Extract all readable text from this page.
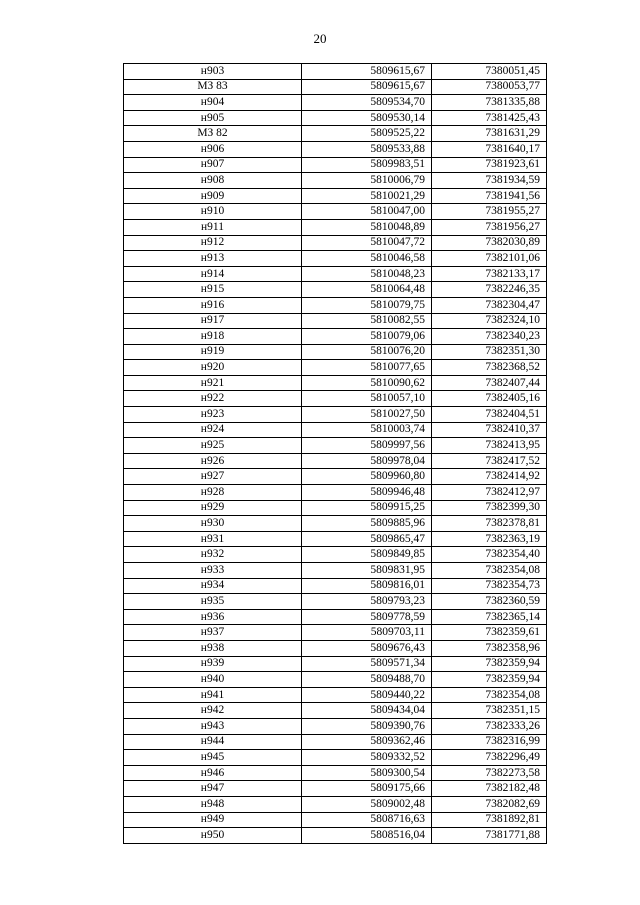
20
н903	5809615,67	7380051,45
МЗ 83	5809615,67	7380053,77
н904	5809534,70	7381335,88
н905	5809530,14	7381425,43
МЗ 82	5809525,22	7381631,29
н906	5809533,88	7381640,17
н907	5809983,51	7381923,61
н908	5810006,79	7381934,59
н909	5810021,29	7381941,56
н910	5810047,00	7381955,27
н911	5810048,89	7381956,27
н912	5810047,72	7382030,89
н913	5810046,58	7382101,06
н914	5810048,23	7382133,17
н915	5810064,48	7382246,35
н916	5810079,75	7382304,47
н917	5810082,55	7382324,10
н918	5810079,06	7382340,23
н919	5810076,20	7382351,30
н920	5810077,65	7382368,52
н921	5810090,62	7382407,44
н922	5810057,10	7382405,16
н923	5810027,50	7382404,51
н924	5810003,74	7382410,37
н925	5809997,56	7382413,95
н926	5809978,04	7382417,52
н927	5809960,80	7382414,92
н928	5809946,48	7382412,97
н929	5809915,25	7382399,30
н930	5809885,96	7382378,81
н931	5809865,47	7382363,19
н932	5809849,85	7382354,40
н933	5809831,95	7382354,08
н934	5809816,01	7382354,73
н935	5809793,23	7382360,59
н936	5809778,59	7382365,14
н937	5809703,11	7382359,61
н938	5809676,43	7382358,96
н939	5809571,34	7382359,94
н940	5809488,70	7382359,94
н941	5809440,22	7382354,08
н942	5809434,04	7382351,15
н943	5809390,76	7382333,26
н944	5809362,46	7382316,99
н945	5809332,52	7382296,49
н946	5809300,54	7382273,58
н947	5809175,66	7382182,48
н948	5809002,48	7382082,69
н949	5808716,63	7381892,81
н950	5808516,04	7381771,88
